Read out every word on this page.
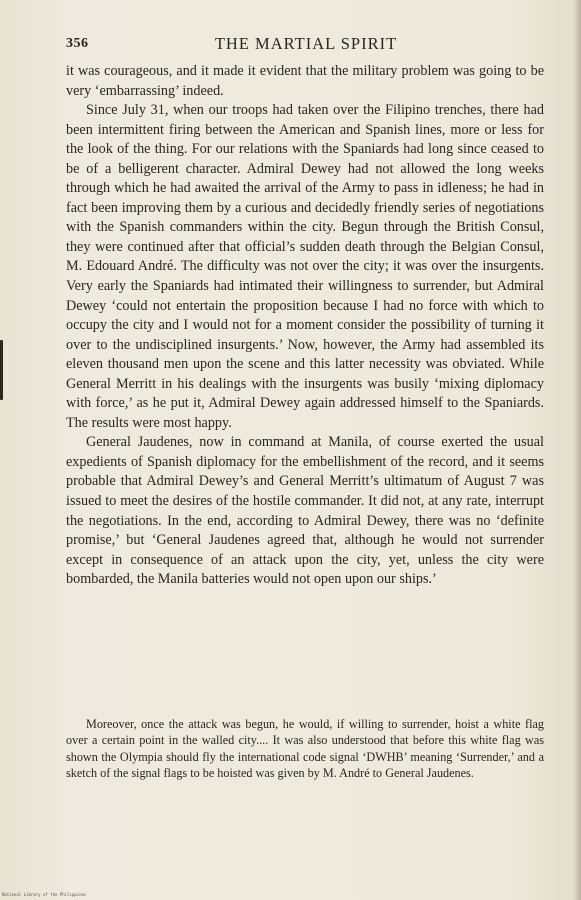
356	THE MARTIAL SPIRIT

it was courageous, and it made it evident that the military problem was going to be very ‘embarrassing’ indeed.

Since July 31, when our troops had taken over the Filipino trenches, there had been intermittent firing between the American and Spanish lines, more or less for the look of the thing. For our relations with the Spaniards had long since ceased to be of a belligerent character. Admiral Dewey had not allowed the long weeks through which he had awaited the arrival of the Army to pass in idleness; he had in fact been improving them by a curious and decidedly friendly series of negotiations with the Spanish commanders within the city. Begun through the British Consul, they were continued after that official’s sudden death through the Belgian Consul, M. Edouard André. The difficulty was not over the city; it was over the insurgents. Very early the Spaniards had intimated their willingness to surrender, but Admiral Dewey ‘could not entertain the proposition because I had no force with which to occupy the city and I would not for a moment consider the possibility of turning it over to the undisciplined insurgents.’ Now, however, the Army had assembled its eleven thousand men upon the scene and this latter necessity was obviated. While General Merritt in his dealings with the insurgents was busily ‘mixing diplomacy with force,’ as he put it, Admiral Dewey again addressed himself to the Spaniards. The results were most happy.

General Jaudenes, now in command at Manila, of course exerted the usual expedients of Spanish diplomacy for the embellishment of the record, and it seems probable that Admiral Dewey’s and General Merritt’s ultimatum of August 7 was issued to meet the desires of the hostile commander. It did not, at any rate, interrupt the negotiations. In the end, according to Admiral Dewey, there was no ‘definite promise,’ but ‘General Jaudenes agreed that, although he would not surrender except in consequence of an attack upon the city, yet, unless the city were bombarded, the Manila batteries would not open upon our ships.’

Moreover, once the attack was begun, he would, if willing to surrender, hoist a white flag over a certain point in the walled city.... It was also understood that before this white flag was shown the Olympia should fly the international code signal ‘DWHB’ meaning ‘Surrender,’ and a sketch of the signal flags to be hoisted was given by M. André to General Jaudenes.

National Library of the Philippines
